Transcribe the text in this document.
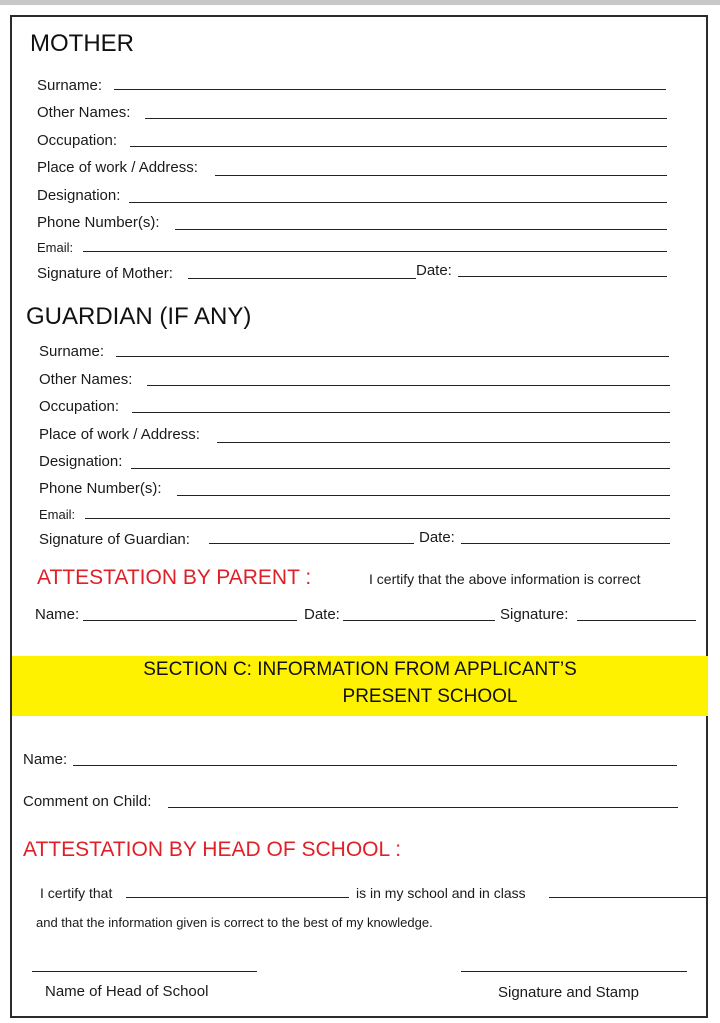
MOTHER
Surname:
Other Names:
Occupation:
Place of work / Address:
Designation:
Phone Number(s):
Email:
Signature of Mother:	Date:
GUARDIAN (IF ANY)
Surname:
Other Names:
Occupation:
Place of work / Address:
Designation:
Phone Number(s):
Email:
Signature of Guardian:	Date:
ATTESTATION BY PARENT :	I certify that the above information is correct
Name:	Date:	Signature:
SECTION C: INFORMATION FROM APPLICANT’S
PRESENT SCHOOL
Name:
Comment on Child:
ATTESTATION BY HEAD OF SCHOOL :
I certify that	is in my school and in class
and that the information given is correct to the best of my knowledge.
Name of Head of School	Signature and Stamp
